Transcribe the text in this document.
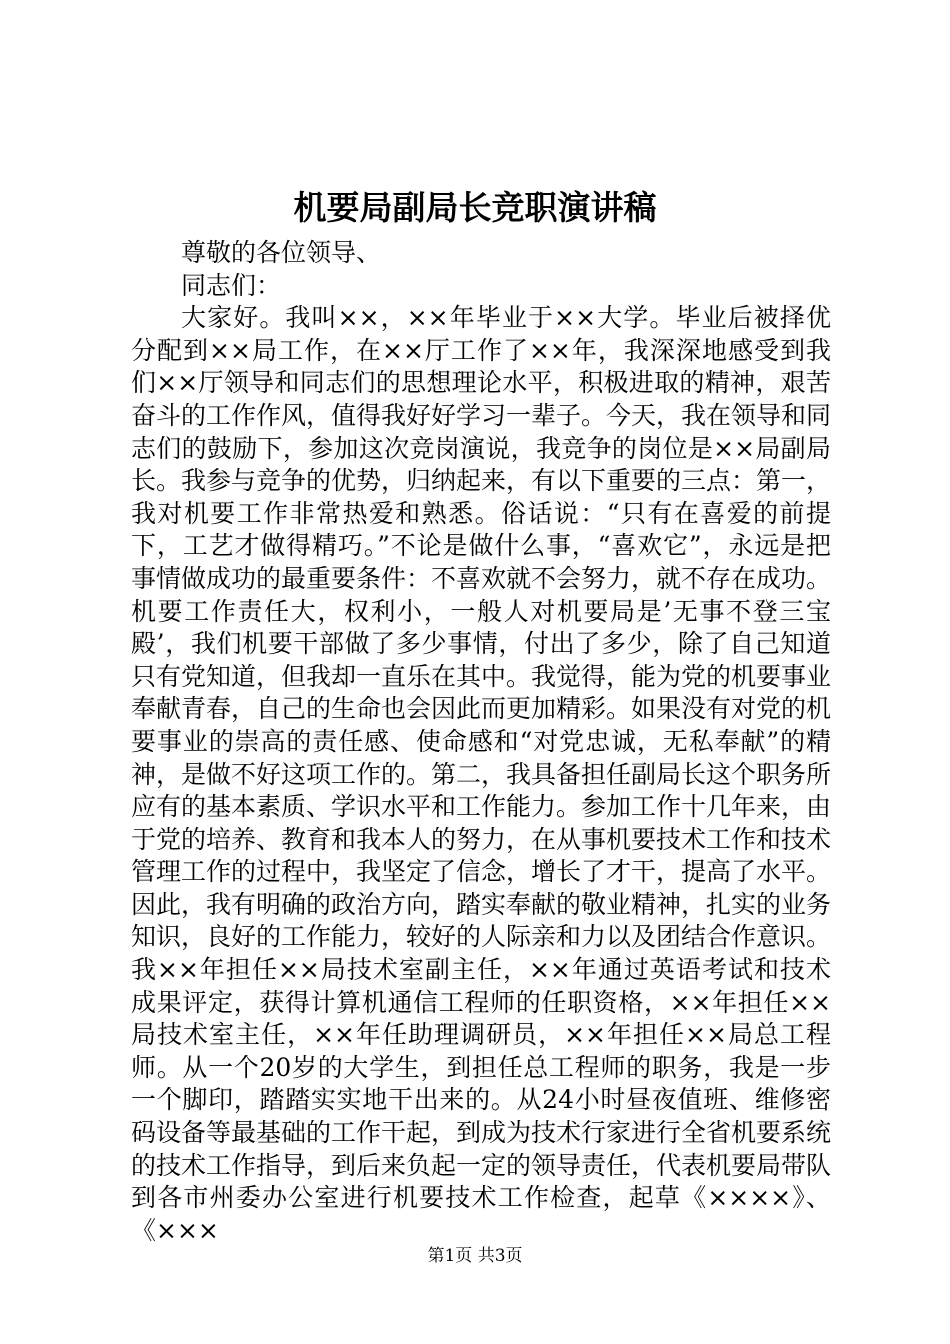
机要局副局长竞职演讲稿

尊敬的各位领导、

同志们：

大家好。我叫××，××年毕业于××大学。毕业后被择优分配到××局工作，在××厅工作了××年，我深深地感受到我们××厅领导和同志们的思想理论水平，积极进取的精神，艰苦奋斗的工作作风，值得我好好学习一辈子。今天，我在领导和同志们的鼓励下，参加这次竞岗演说，我竞争的岗位是××局副局长。我参与竞争的优势，归纳起来，有以下重要的三点：第一，我对机要工作非常热爱和熟悉。俗话说：“只有在喜爱的前提下，工艺才做得精巧。”不论是做什么事，“喜欢它”，永远是把事情做成功的最重要条件：不喜欢就不会努力，就不存在成功。机要工作责任大，权利小，一般人对机要局是’无事不登三宝殿’，我们机要干部做了多少事情，付出了多少，除了自己知道只有党知道，但我却一直乐在其中。我觉得，能为党的机要事业奉献青春，自己的生命也会因此而更加精彩。如果没有对党的机要事业的崇高的责任感、使命感和“对党忠诚，无私奉献”的精神，是做不好这项工作的。第二，我具备担任副局长这个职务所应有的基本素质、学识水平和工作能力。参加工作十几年来，由于党的培养、教育和我本人的努力，在从事机要技术工作和技术管理工作的过程中，我坚定了信念，增长了才干，提高了水平。因此，我有明确的政治方向，踏实奉献的敬业精神，扎实的业务知识，良好的工作能力，较好的人际亲和力以及团结合作意识。我××年担任××局技术室副主任，××年通过英语考试和技术成果评定，获得计算机通信工程师的任职资格，××年担任××局技术室主任，××年任助理调研员，××年担任××局总工程师。从一个20岁的大学生，到担任总工程师的职务，我是一步一个脚印，踏踏实实地干出来的。从24小时昼夜值班、维修密码设备等最基础的工作干起，到成为技术行家进行全省机要系统的技术工作指导，到后来负起一定的领导责任，代表机要局带队到各市州委办公室进行机要技术工作检查，起草《××××》、《×××

第1页 共3页
